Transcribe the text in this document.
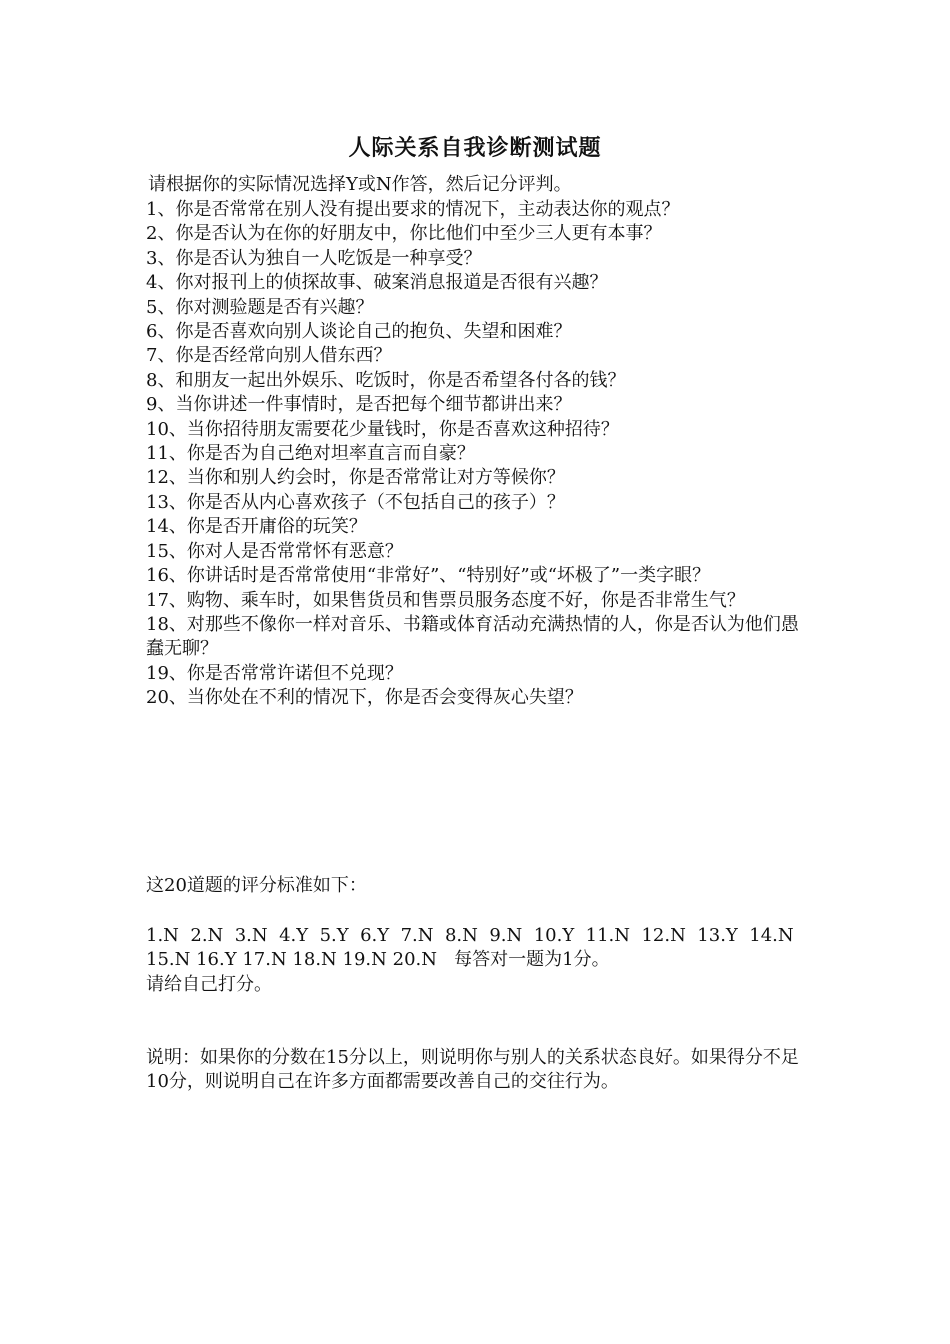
人际关系自我诊断测试题
请根据你的实际情况选择Y或N作答，然后记分评判。
1、你是否常常在别人没有提出要求的情况下，主动表达你的观点？
2、你是否认为在你的好朋友中，你比他们中至少三人更有本事？
3、你是否认为独自一人吃饭是一种享受？
4、你对报刊上的侦探故事、破案消息报道是否很有兴趣？
5、你对测验题是否有兴趣？
6、你是否喜欢向别人谈论自己的抱负、失望和困难？
7、你是否经常向别人借东西？
8、和朋友一起出外娱乐、吃饭时，你是否希望各付各的钱？
9、当你讲述一件事情时，是否把每个细节都讲出来？
10、当你招待朋友需要花少量钱时，你是否喜欢这种招待？
11、你是否为自己绝对坦率直言而自豪？
12、当你和别人约会时，你是否常常让对方等候你？
13、你是否从内心喜欢孩子（不包括自己的孩子）？
14、你是否开庸俗的玩笑？
15、你对人是否常常怀有恶意？
16、你讲话时是否常常使用“非常好”、“特别好”或“坏极了”一类字眼？
17、购物、乘车时，如果售货员和售票员服务态度不好，你是否非常生气？
18、对那些不像你一样对音乐、书籍或体育活动充满热情的人，你是否认为他们愚蠢无聊？
19、你是否常常许诺但不兑现？
20、当你处在不利的情况下，你是否会变得灰心失望？
这20道题的评分标准如下：
1.N  2.N  3.N  4.Y  5.Y  6.Y  7.N  8.N  9.N  10.Y  11.N  12.N  13.Y  14.N 15.N 16.Y 17.N 18.N 19.N 20.N   每答对一题为1分。
请给自己打分。
说明：如果你的分数在15分以上，则说明你与别人的关系状态良好。如果得分不足10分，则说明自己在许多方面都需要改善自己的交往行为。
